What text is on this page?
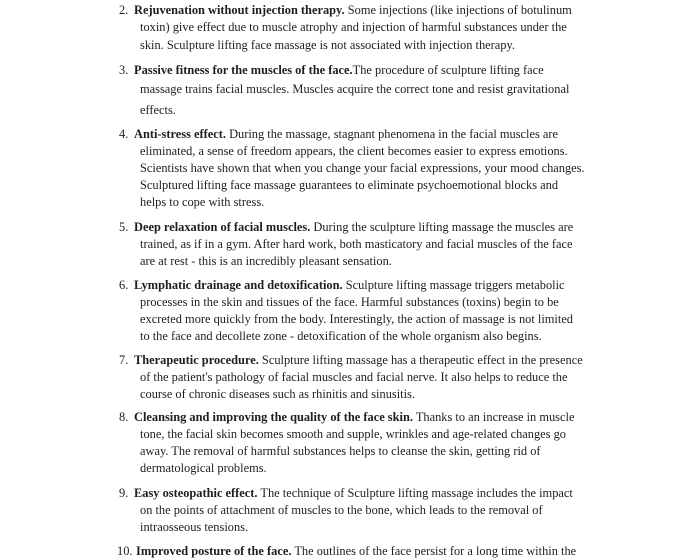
2. Rejuvenation without injection therapy. Some injections (like injections of botulinum
toxin) give effect due to muscle atrophy and injection of harmful substances under the
skin. Sculpture lifting face massage is not associated with injection therapy.
3. Passive fitness for the muscles of the face.The procedure of sculpture lifting face
massage trains facial muscles. Muscles acquire the correct tone and resist gravitational
effects.
4. Anti-stress effect. During the massage, stagnant phenomena in the facial muscles are
eliminated, a sense of freedom appears, the client becomes easier to express emotions.
Scientists have shown that when you change your facial expressions, your mood changes.
Sculptured lifting face massage guarantees to eliminate psychoemotional blocks and
helps to cope with stress.
5. Deep relaxation of facial muscles. During the sculpture lifting massage the muscles are
trained, as if in a gym. After hard work, both masticatory and facial muscles of the face
are at rest - this is an incredibly pleasant sensation.
6. Lymphatic drainage and detoxification. Sculpture lifting massage triggers metabolic
processes in the skin and tissues of the face. Harmful substances (toxins) begin to be
excreted more quickly from the body. Interestingly, the action of massage is not limited
to the face and decollete zone - detoxification of the whole organism also begins.
7. Therapeutic procedure. Sculpture lifting massage has a therapeutic effect in the presence
of the patient's pathology of facial muscles and facial nerve. It also helps to reduce the
course of chronic diseases such as rhinitis and sinusitis.
8. Cleansing and improving the quality of the face skin. Thanks to an increase in muscle
tone, the facial skin becomes smooth and supple, wrinkles and age-related changes go
away. The removal of harmful substances helps to cleanse the skin, getting rid of
dermatological problems.
9. Easy osteopathic effect. The technique of Sculpture lifting massage includes the impact
on the points of attachment of muscles to the bone, which leads to the removal of
intraosseous tensions.
10. Improved posture of the face. The outlines of the face persist for a long time within the
